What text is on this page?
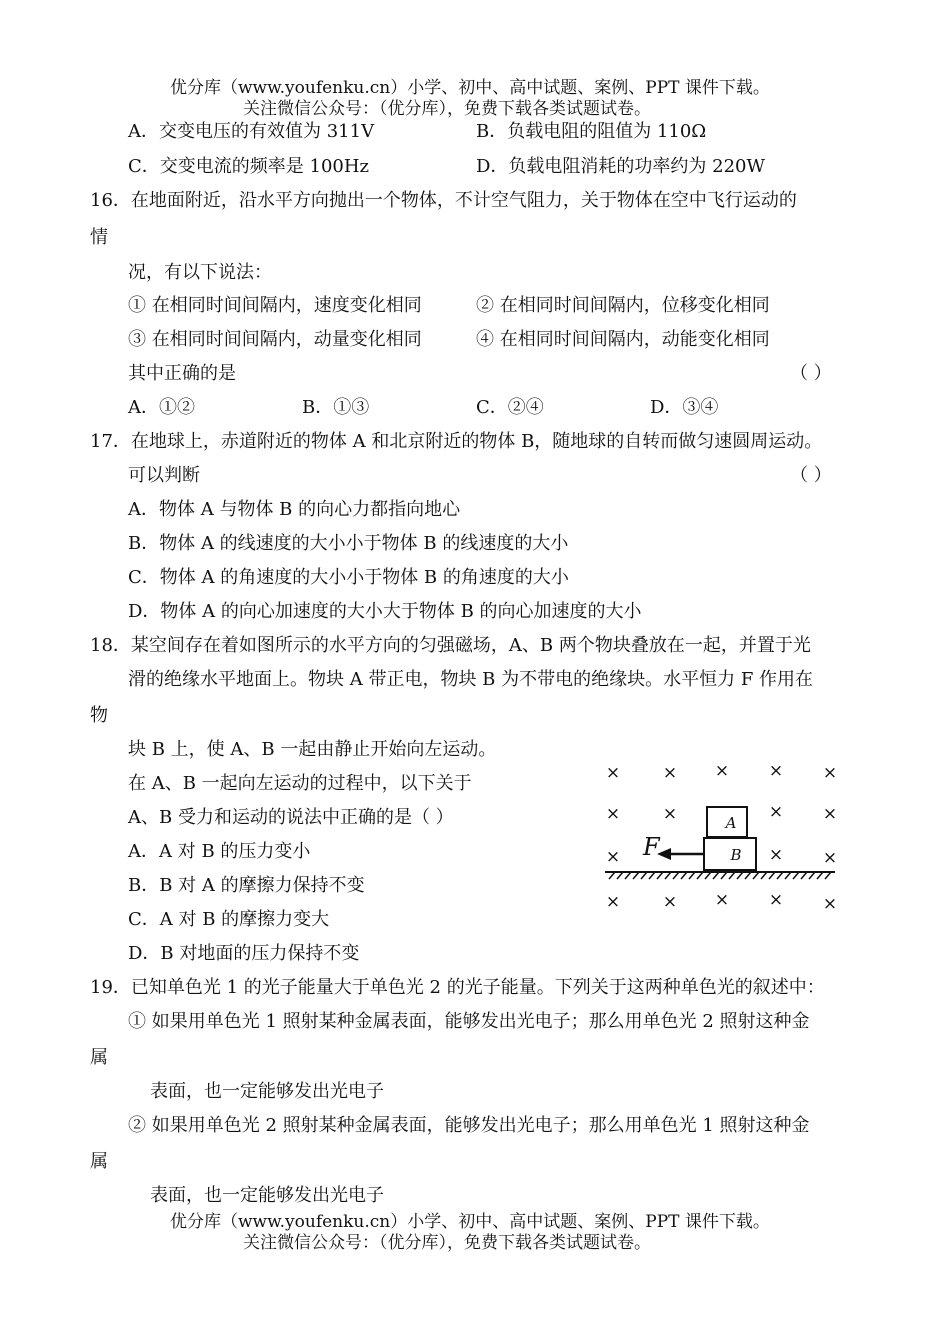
优分库（www.youfenku.cn）小学、初中、高中试题、案例、PPT 课件下载。
关注微信公众号：（优分库），免费下载各类试题试卷。
A．交变电压的有效值为 311V	B．负载电阻的阻值为 110Ω
C．交变电流的频率是 100Hz	D．负载电阻消耗的功率约为 220W
16．在地面附近，沿水平方向抛出一个物体，不计空气阻力，关于物体在空中飞行运动的
情
况，有以下说法：
① 在相同时间间隔内，速度变化相同	② 在相同时间间隔内，位移变化相同
③ 在相同时间间隔内，动量变化相同	④ 在相同时间间隔内，动能变化相同
其中正确的是	（ ）
A．①②	B．①③	C．②④	D．③④
17．在地球上，赤道附近的物体 A 和北京附近的物体 B，随地球的自转而做匀速圆周运动。
可以判断	（ ）
A．物体 A 与物体 B 的向心力都指向地心
B．物体 A 的线速度的大小小于物体 B 的线速度的大小
C．物体 A 的角速度的大小小于物体 B 的角速度的大小
D．物体 A 的向心加速度的大小大于物体 B 的向心加速度的大小
18．某空间存在着如图所示的水平方向的匀强磁场，A、B 两个物块叠放在一起，并置于光
滑的绝缘水平地面上。物块 A 带正电，物块 B 为不带电的绝缘块。水平恒力 F 作用在
物
块 B 上，使 A、B 一起由静止开始向左运动。
在 A、B 一起向左运动的过程中，以下关于
A、B 受力和运动的说法中正确的是（ ）
A．A 对 B 的压力变小
B．B 对 A 的摩擦力保持不变
C．A 对 B 的摩擦力变大
D．B 对地面的压力保持不变
×	× × × ×
×	×	× ×
×	× ×
×	× × × ×
A
B
F
19．已知单色光 1 的光子能量大于单色光 2 的光子能量。下列关于这两种单色光的叙述中：
① 如果用单色光 1 照射某种金属表面，能够发出光电子；那么用单色光 2 照射这种金
属
表面，也一定能够发出光电子
② 如果用单色光 2 照射某种金属表面，能够发出光电子；那么用单色光 1 照射这种金
属
表面，也一定能够发出光电子
优分库（www.youfenku.cn）小学、初中、高中试题、案例、PPT 课件下载。
关注微信公众号：（优分库），免费下载各类试题试卷。
